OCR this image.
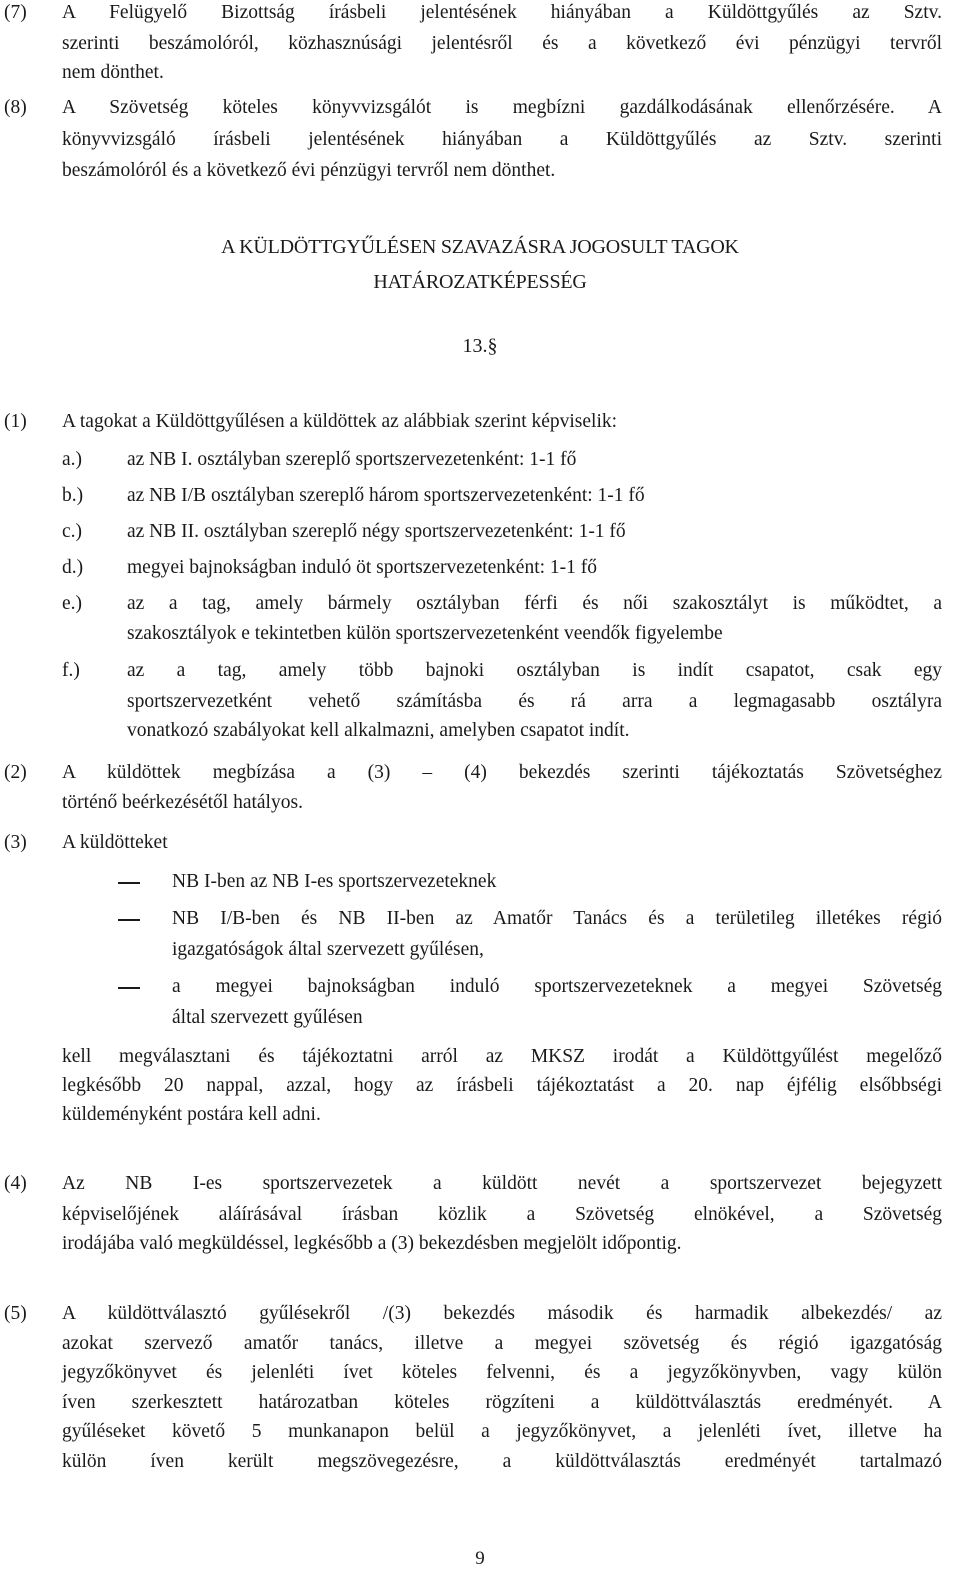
(7) A Felügyelő Bizottság írásbeli jelentésének hiányában a Küldöttgyűlés az Sztv.
szerinti beszámolóról, közhasznúsági jelentésről és a következő évi pénzügyi tervről
nem dönthet.
(8) A Szövetség köteles könyvvizsgálót is megbízni gazdálkodásának ellenőrzésére. A
könyvvizsgáló írásbeli jelentésének hiányában a Küldöttgyűlés az Sztv. szerinti
beszámolóról és a következő évi pénzügyi tervről nem dönthet.
A KÜLDÖTTGYŰLÉSEN SZAVAZÁSRA JOGOSULT TAGOK
HATÁROZATKÉPESSÉG
13.§
(1) A tagokat a Küldöttgyűlésen a küldöttek az alábbiak szerint képviselik:
a.) az NB I. osztályban szereplő sportszervezetenként: 1-1 fő
b.) az NB I/B osztályban szereplő három sportszervezetenként: 1-1 fő
c.) az NB II. osztályban szereplő négy sportszervezetenként: 1-1 fő
d.) megyei bajnokságban induló öt sportszervezetenként: 1-1 fő
e.) az a tag, amely bármely osztályban férfi és női szakosztályt is működtet, a
szakosztályok e tekintetben külön sportszervezetenként veendők figyelembe
f.) az a tag, amely több bajnoki osztályban is indít csapatot, csak egy
sportszervezetként vehető számításba és rá arra a legmagasabb osztályra
vonatkozó szabályokat kell alkalmazni, amelyben csapatot indít.
(2) A küldöttek megbízása a (3) – (4) bekezdés szerinti tájékoztatás Szövetséghez
történő beérkezésétől hatályos.
(3) A küldötteket
NB I-ben az NB I-es sportszervezeteknek
NB I/B-ben és NB II-ben az Amatőr Tanács és a területileg illetékes régió
igazgatóságok által szervezett gyűlésen,
a megyei bajnokságban induló sportszervezeteknek a megyei Szövetség
által szervezett gyűlésen
kell megválasztani és tájékoztatni arról az MKSZ irodát a Küldöttgyűlést megelőző
legkésőbb 20 nappal, azzal, hogy az írásbeli tájékoztatást a 20. nap éjfélig elsőbbségi
küldeményként postára kell adni.
(4) Az NB I-es sportszervezetek a küldött nevét a sportszervezet bejegyzett
képviselőjének aláírásával írásban közlik a Szövetség elnökével, a Szövetség
irodájába való megküldéssel, legkésőbb a (3) bekezdésben megjelölt időpontig.
(5) A küldöttválasztó gyűlésekről /(3) bekezdés második és harmadik albekezdés/ az
azokat szervező amatőr tanács, illetve a megyei szövetség és régió igazgatóság
jegyzőkönyvet és jelenléti ívet köteles felvenni, és a jegyzőkönyvben, vagy külön
íven szerkesztett határozatban köteles rögzíteni a küldöttválasztás eredményét. A
gyűléseket követő 5 munkanapon belül a jegyzőkönyvet, a jelenléti ívet, illetve ha
külön íven került megszövegezésre, a küldöttválasztás eredményét tartalmazó
9
